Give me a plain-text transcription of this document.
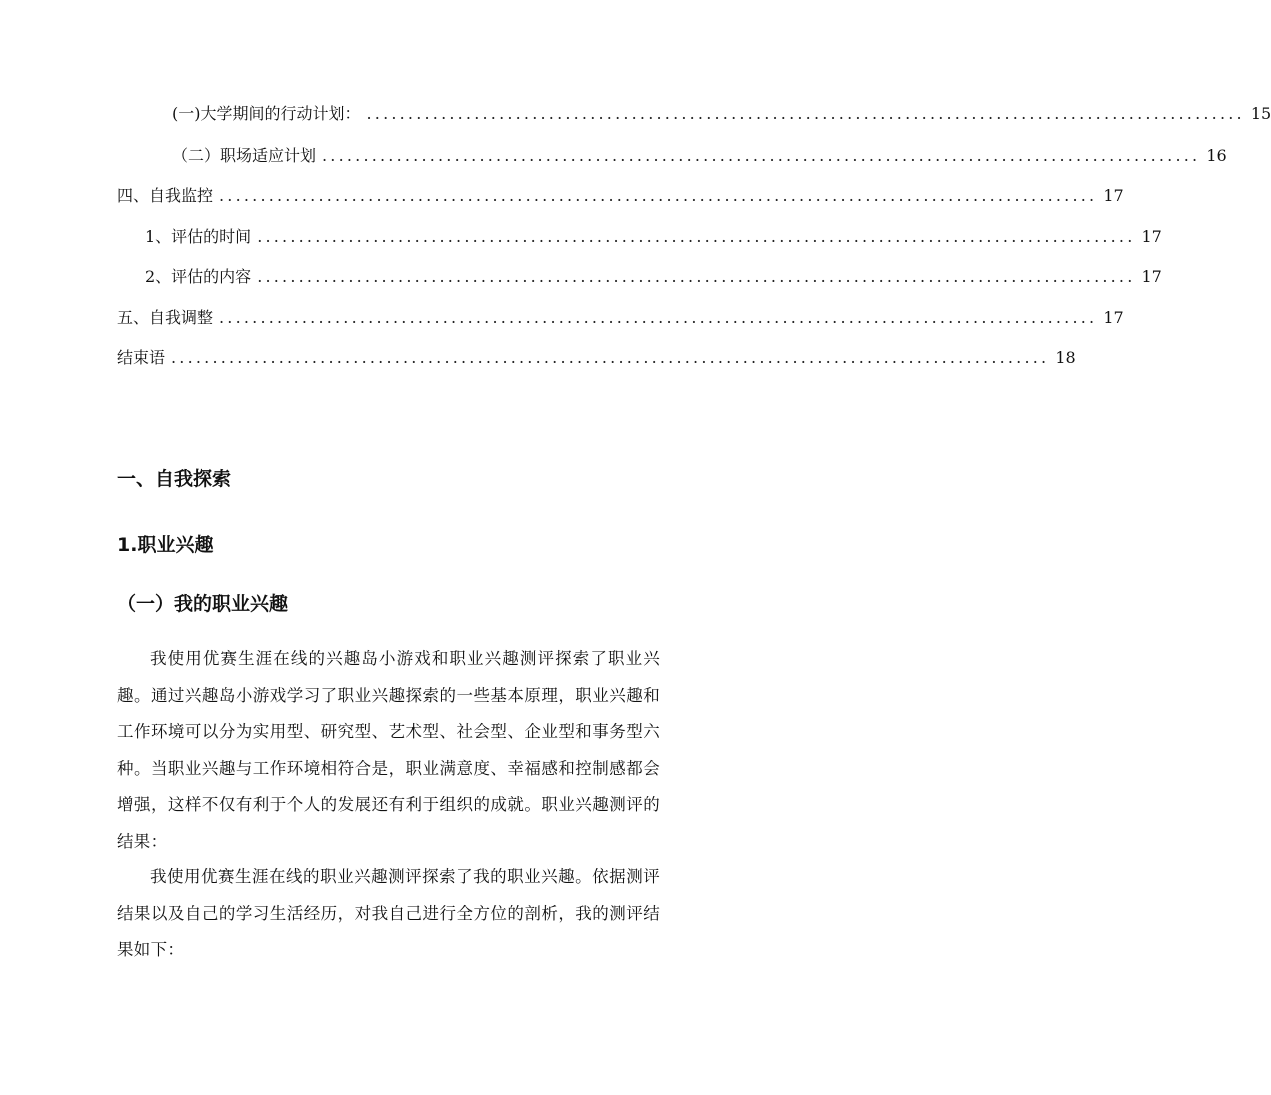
(一)大学期间的行动计划： .......................................................................................................... 15
（二）职场适应计划 .......................................................................................................... 16
四、自我监控 .......................................................................................................... 17
1、评估的时间 .......................................................................................................... 17
2、评估的内容 .......................................................................................................... 17
五、自我调整 .......................................................................................................... 17
结束语 .......................................................................................................... 18
一、自我探索
1.职业兴趣
（一）我的职业兴趣
我使用优赛生涯在线的兴趣岛小游戏和职业兴趣测评探索了职业兴趣。通过兴趣岛小游戏学习了职业兴趣探索的一些基本原理，职业兴趣和工作环境可以分为实用型、研究型、艺术型、社会型、企业型和事务型六种。当职业兴趣与工作环境相符合是，职业满意度、幸福感和控制感都会增强，这样不仅有利于个人的发展还有利于组织的成就。职业兴趣测评的结果：
我使用优赛生涯在线的职业兴趣测评探索了我的职业兴趣。依据测评结果以及自己的学习生活经历，对我自己进行全方位的剖析，我的测评结果如下：
